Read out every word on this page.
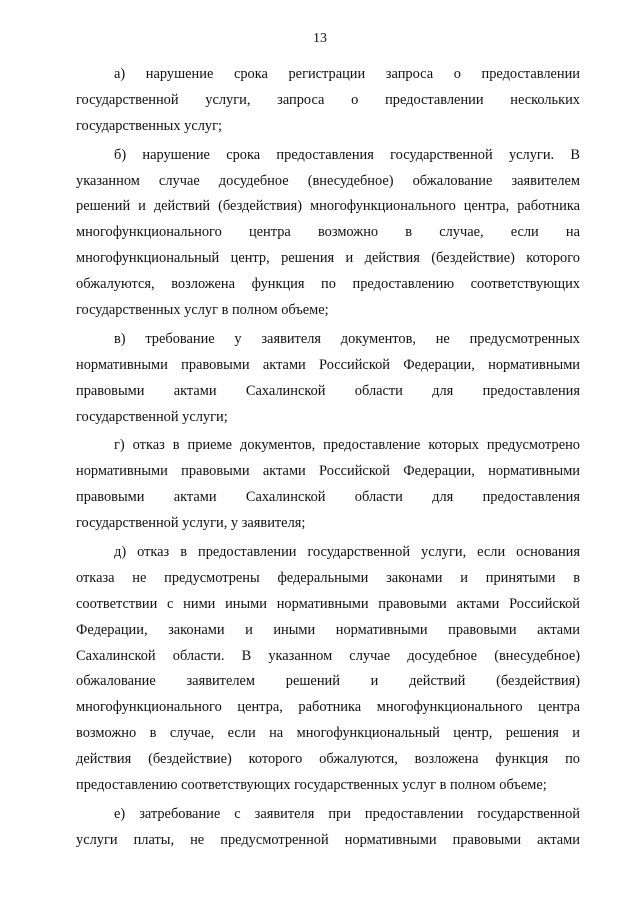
13

а) нарушение срока регистрации запроса о предоставлении
государственной услуги, запроса о предоставлении нескольких
государственных услуг;

б) нарушение срока предоставления государственной услуги. В
указанном случае досудебное (внесудебное) обжалование заявителем
решений и действий (бездействия) многофункционального центра, работника
многофункционального центра возможно в случае, если на
многофункциональный центр, решения и действия (бездействие) которого
обжалуются, возложена функция по предоставлению соответствующих
государственных услуг в полном объеме;

в) требование у заявителя документов, не предусмотренных
нормативными правовыми актами Российской Федерации, нормативными
правовыми актами Сахалинской области для предоставления
государственной услуги;

г) отказ в приеме документов, предоставление которых предусмотрено
нормативными правовыми актами Российской Федерации, нормативными
правовыми актами Сахалинской области для предоставления
государственной услуги, у заявителя;

д) отказ в предоставлении государственной услуги, если основания
отказа не предусмотрены федеральными законами и принятыми в
соответствии с ними иными нормативными правовыми актами Российской
Федерации, законами и иными нормативными правовыми актами
Сахалинской области. В указанном случае досудебное (внесудебное)
обжалование заявителем решений и действий (бездействия)
многофункционального центра, работника многофункционального центра
возможно в случае, если на многофункциональный центр, решения и
действия (бездействие) которого обжалуются, возложена функция по
предоставлению соответствующих государственных услуг в полном объеме;

е) затребование с заявителя при предоставлении государственной
услуги платы, не предусмотренной нормативными правовыми актами
